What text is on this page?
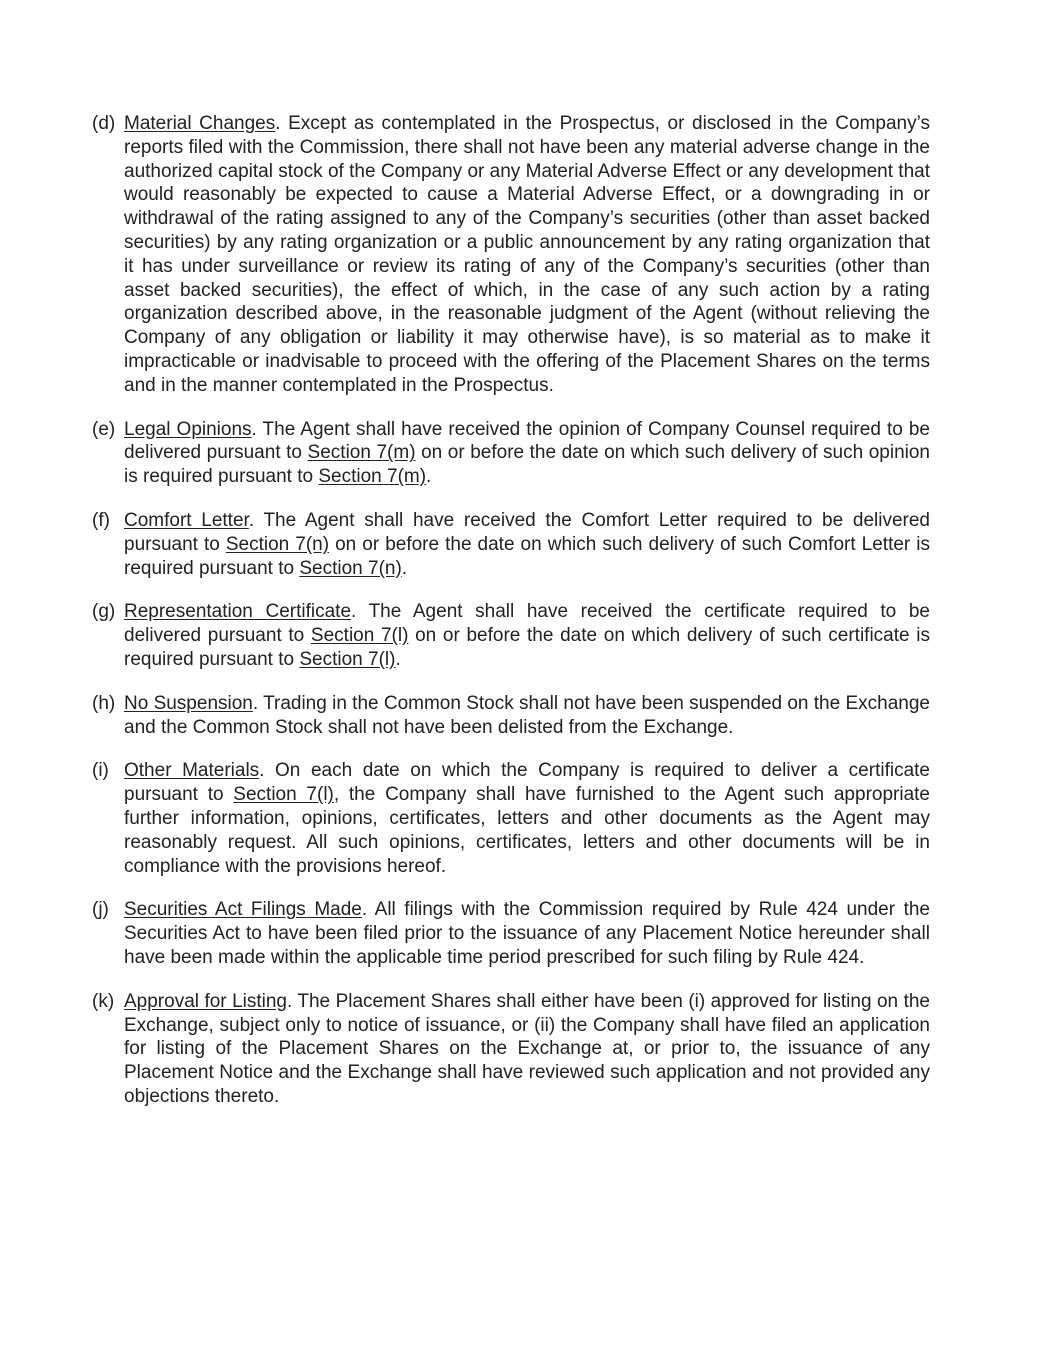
(d) Material Changes. Except as contemplated in the Prospectus, or disclosed in the Company’s reports filed with the Commission, there shall not have been any material adverse change in the authorized capital stock of the Company or any Material Adverse Effect or any development that would reasonably be expected to cause a Material Adverse Effect, or a downgrading in or withdrawal of the rating assigned to any of the Company’s securities (other than asset backed securities) by any rating organization or a public announcement by any rating organization that it has under surveillance or review its rating of any of the Company’s securities (other than asset backed securities), the effect of which, in the case of any such action by a rating organization described above, in the reasonable judgment of the Agent (without relieving the Company of any obligation or liability it may otherwise have), is so material as to make it impracticable or inadvisable to proceed with the offering of the Placement Shares on the terms and in the manner contemplated in the Prospectus.
(e) Legal Opinions. The Agent shall have received the opinion of Company Counsel required to be delivered pursuant to Section 7(m) on or before the date on which such delivery of such opinion is required pursuant to Section 7(m).
(f) Comfort Letter. The Agent shall have received the Comfort Letter required to be delivered pursuant to Section 7(n) on or before the date on which such delivery of such Comfort Letter is required pursuant to Section 7(n).
(g) Representation Certificate. The Agent shall have received the certificate required to be delivered pursuant to Section 7(l) on or before the date on which delivery of such certificate is required pursuant to Section 7(l).
(h) No Suspension. Trading in the Common Stock shall not have been suspended on the Exchange and the Common Stock shall not have been delisted from the Exchange.
(i) Other Materials. On each date on which the Company is required to deliver a certificate pursuant to Section 7(l), the Company shall have furnished to the Agent such appropriate further information, opinions, certificates, letters and other documents as the Agent may reasonably request. All such opinions, certificates, letters and other documents will be in compliance with the provisions hereof.
(j) Securities Act Filings Made. All filings with the Commission required by Rule 424 under the Securities Act to have been filed prior to the issuance of any Placement Notice hereunder shall have been made within the applicable time period prescribed for such filing by Rule 424.
(k) Approval for Listing. The Placement Shares shall either have been (i) approved for listing on the Exchange, subject only to notice of issuance, or (ii) the Company shall have filed an application for listing of the Placement Shares on the Exchange at, or prior to, the issuance of any Placement Notice and the Exchange shall have reviewed such application and not provided any objections thereto.
